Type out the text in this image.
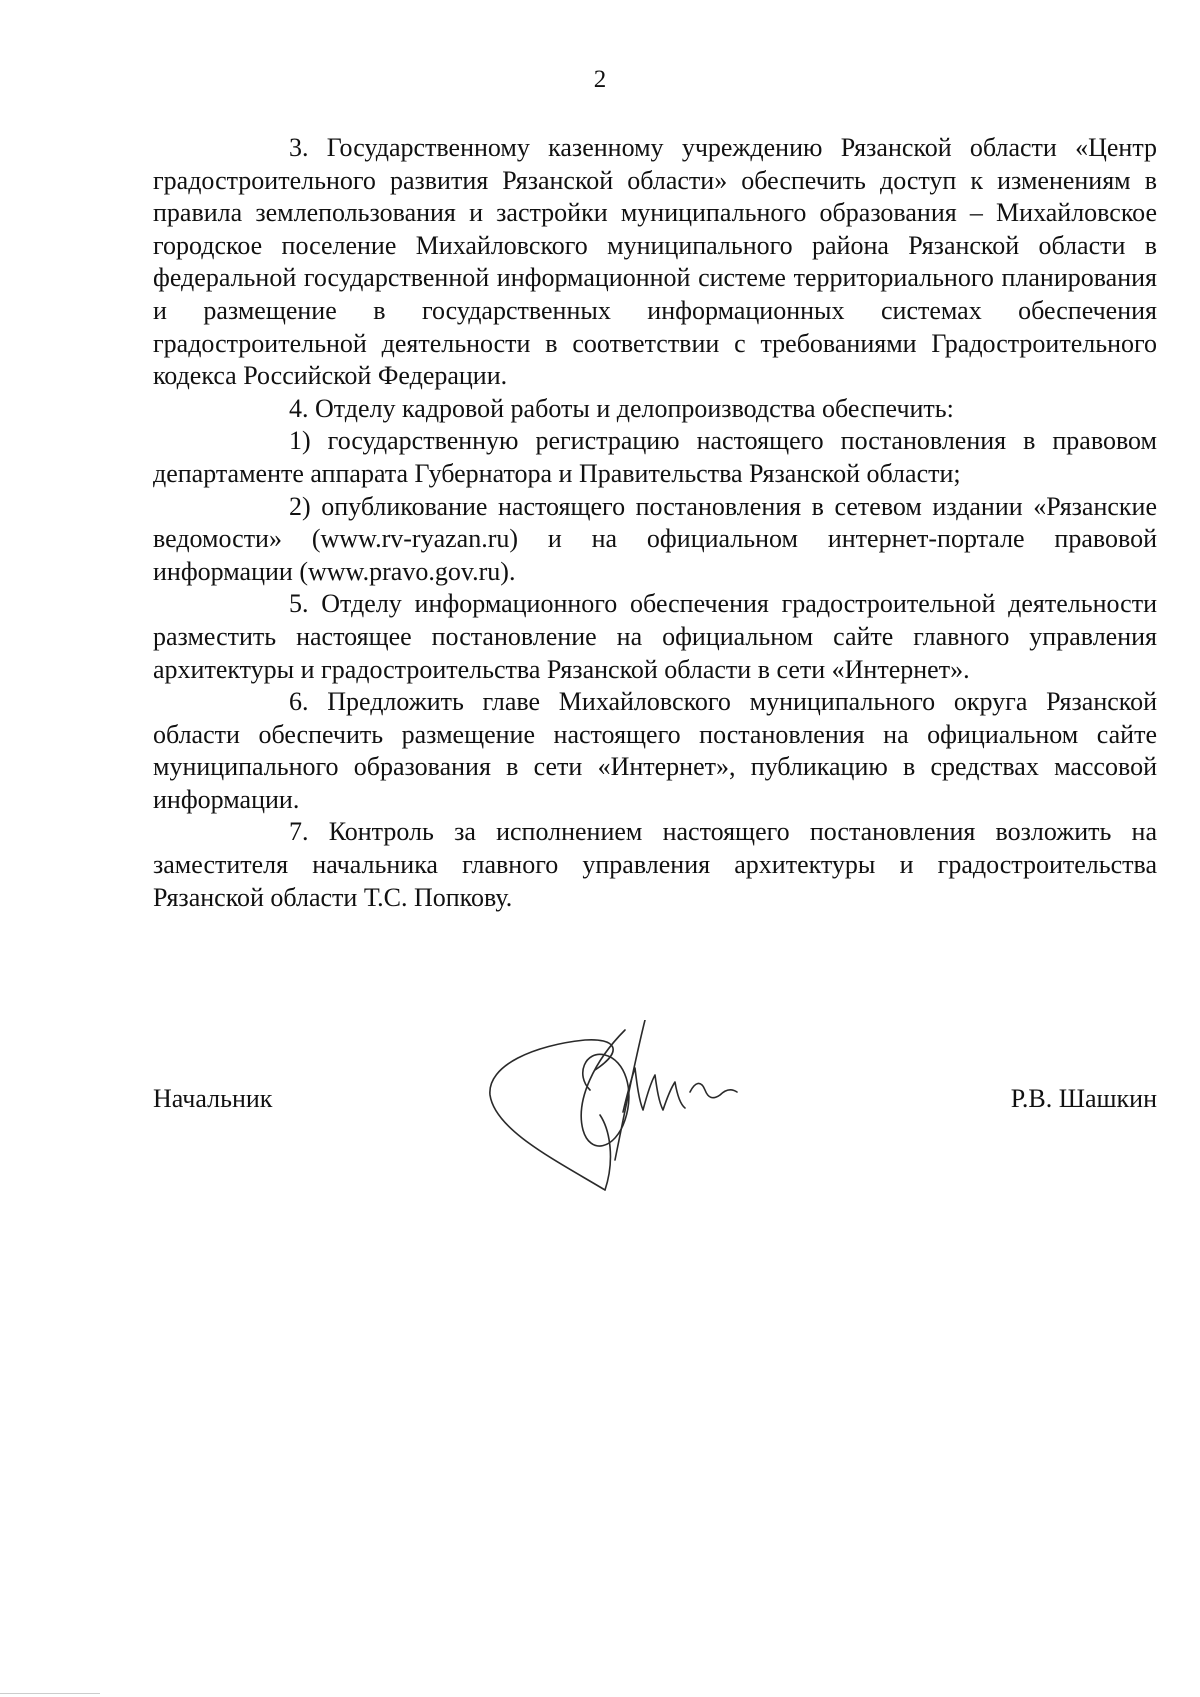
2

3. Государственному казенному учреждению Рязанской области «Центр градостроительного развития Рязанской области» обеспечить доступ к изменениям в правила землепользования и застройки муниципального образования – Михайловское городское поселение Михайловского муниципального района Рязанской области в федеральной государственной информационной системе территориального планирования и размещение в государственных информационных системах обеспечения градостроительной деятельности в соответствии с требованиями Градостроительного кодекса Российской Федерации.

4. Отделу кадровой работы и делопроизводства обеспечить:

1) государственную регистрацию настоящего постановления в правовом департаменте аппарата Губернатора и Правительства Рязанской области;

2) опубликование настоящего постановления в сетевом издании «Рязанские ведомости» (www.rv-ryazan.ru) и на официальном интернет-портале правовой информации (www.pravo.gov.ru).

5. Отделу информационного обеспечения градостроительной деятельности разместить настоящее постановление на официальном сайте главного управления архитектуры и градостроительства Рязанской области в сети «Интернет».

6. Предложить главе Михайловского муниципального округа Рязанской области обеспечить размещение настоящего постановления на официальном сайте муниципального образования в сети «Интернет», публикацию в средствах массовой информации.

7. Контроль за исполнением настоящего постановления возложить на заместителя начальника главного управления архитектуры и градостроительства Рязанской области Т.С. Попкову.

Начальник	Р.В. Шашкин
